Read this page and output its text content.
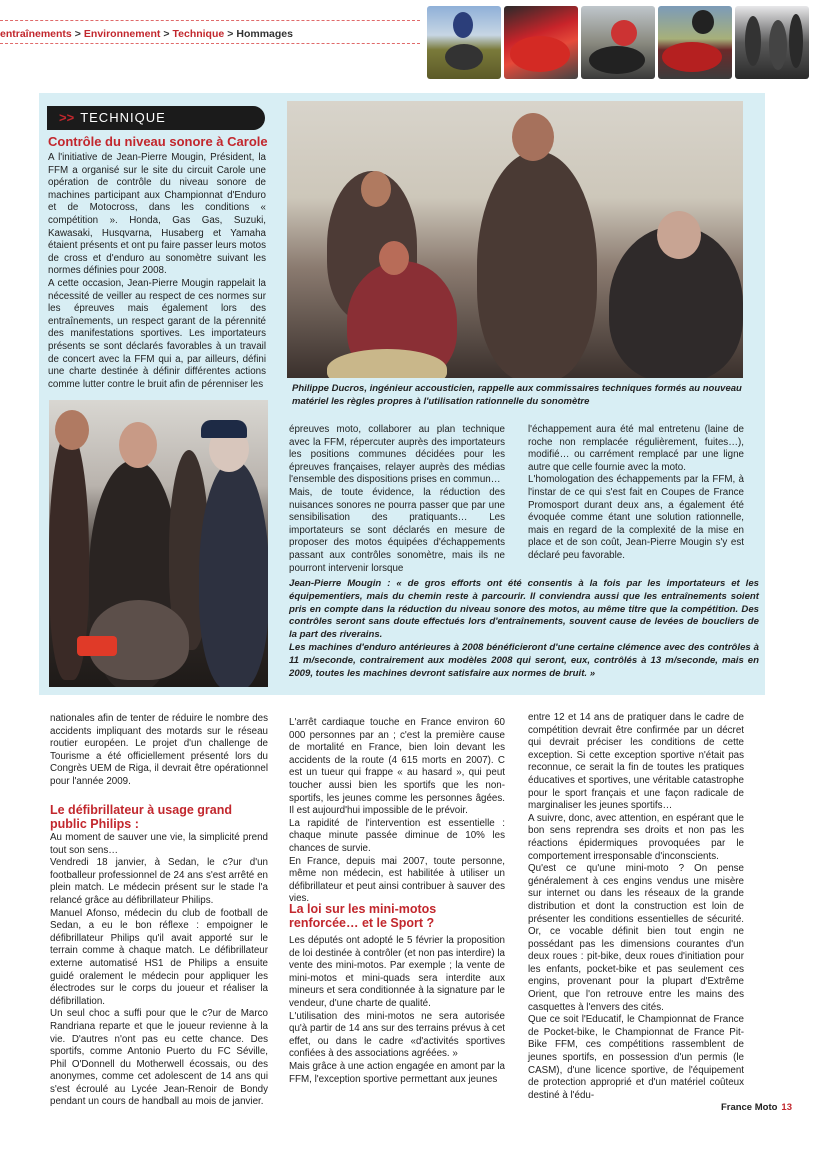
entraînements > Environnement > Technique > Hommages
>> TECHNIQUE
Contrôle du niveau sonore à Carole

A l'initiative de Jean-Pierre Mougin, Président, la FFM a organisé sur le site du circuit Carole une opération de contrôle du niveau sonore de machines participant aux Championnat d'Enduro et de Motocross, dans les conditions « compétition ». Honda, Gas Gas, Suzuki, Kawasaki, Husqvarna, Husaberg et Yamaha étaient présents et ont pu faire passer leurs motos de cross et d'enduro au sonomètre suivant les normes définies pour 2008.

A cette occasion, Jean-Pierre Mougin rappelait la nécessité de veiller au respect de ces normes sur les épreuves mais également lors des entraînements, un respect garant de la pérennité des manifestations sportives. Les importateurs présents se sont déclarés favorables à un travail de concert avec la FFM qui a, par ailleurs, défini une charte destinée à définir différentes actions comme lutter contre le bruit afin de pérenniser les	Philippe Ducros, ingénieur accousticien, rappelle aux commissaires techniques formés au nouveau matériel les règles propres à l'utilisation rationnelle du sonomètre

épreuves moto, collaborer au plan technique avec la FFM, répercuter auprès des importateurs les positions communes décidées pour les épreuves françaises, relayer auprès des médias l'ensemble des dispositions prises en commun…

Mais, de toute évidence, la réduction des nuisances sonores ne pourra passer que par une sensibilisation des pratiquants… Les importateurs se sont déclarés en mesure de proposer des motos équipées d'échappements passant aux contrôles sonomètre, mais ils ne pourront intervenir lorsque

l'échappement aura été mal entretenu (laine de roche non remplacée régulièrement, fuites…), modifié… ou carrément remplacé par une ligne autre que celle fournie avec la moto.

L'homologation des échappements par la FFM, à l'instar de ce qui s'est fait en Coupes de France Promosport durant deux ans, a également été évoquée comme étant une solution rationnelle, mais en regard de la complexité de la mise en place et de son coût, Jean-Pierre Mougin s'y est déclaré peu favorable.

Jean-Pierre Mougin : « de gros efforts ont été consentis à la fois par les importateurs et les équipementiers, mais du chemin reste à parcourir. Il conviendra aussi que les entraînements soient pris en compte dans la réduction du niveau sonore des motos, au même titre que la compétition. Des contrôles seront sans doute effectués lors d'entraînements, souvent cause de levées de boucliers de la part des riverains.

Les machines d'enduro antérieures à 2008 bénéficieront d'une certaine clémence avec des contrôles à 11 m/seconde, contrairement aux modèles 2008 qui seront, eux, contrôlés à 13 m/seconde, mais en 2009, toutes les machines devront satisfaire aux normes de bruit. »

nationales afin de tenter de réduire le nombre des accidents impliquant des motards sur le réseau routier européen. Le projet d'un challenge de Tourisme a été officiellement présenté lors du Congrès UEM de Riga, il devrait être opérationnel pour l'année 2009.

Le défibrillateur à usage grand public Philips :

Au moment de sauver une vie, la simplicité prend tout son sens…

Vendredi 18 janvier, à Sedan, le c?ur d'un footballeur professionnel de 24 ans s'est arrêté en plein match. Le médecin présent sur le stade l'a relancé grâce au défibrillateur Philips.

Manuel Afonso, médecin du club de football de Sedan, a eu le bon réflexe : empoigner le défibrillateur Philips qu'il avait apporté sur le terrain comme à chaque match. Le défibrillateur externe automatisé HS1 de Philips a ensuite guidé oralement le médecin pour appliquer les électrodes sur le corps du joueur et réaliser la défibrillation.

Un seul choc a suffi pour que le c?ur de Marco Randriana reparte et que le joueur revienne à la vie. D'autres n'ont pas eu cette chance. Des sportifs, comme Antonio Puerto du FC Séville, Phil O'Donnell du Motherwell écossais, ou des anonymes, comme cet adolescent de 14 ans qui s'est écroulé au Lycée Jean-Renoir de Bondy pendant un cours de handball au mois de janvier.

L'arrêt cardiaque touche en France environ 60 000 personnes par an ; c'est la première cause de mortalité en France, bien loin devant les accidents de la route (4 615 morts en 2007). C est un tueur qui frappe « au hasard », qui peut toucher aussi bien les sportifs que les non-sportifs, les jeunes comme les personnes âgées. Il est aujourd'hui impossible de le prévoir.

La rapidité de l'intervention est essentielle : chaque minute passée diminue de 10% les chances de survie.

En France, depuis mai 2007, toute personne, même non médecin, est habilitée à utiliser un défibrillateur et peut ainsi contribuer à sauver des vies.

La loi sur les mini-motos renforcée… et le Sport ?

Les députés ont adopté le 5 février la proposition de loi destinée à contrôler (et non pas interdire) la vente des mini-motos. Par exemple ; la vente de mini-motos et mini-quads sera interdite aux mineurs et sera conditionnée à la signature par le vendeur, d'une charte de qualité.

L'utilisation des mini-motos ne sera autorisée qu'à partir de 14 ans sur des terrains prévus à cet effet, ou dans le cadre «d'activités sportives confiées à des associations agréées. »

Mais grâce à une action engagée en amont par la FFM, l'exception sportive permettant aux jeunes

entre 12 et 14 ans de pratiquer dans le cadre de compétition devrait être confirmée par un décret qui devrait préciser les conditions de cette exception. Si cette exception sportive n'était pas reconnue, ce serait la fin de toutes les pratiques éducatives et sportives, une véritable catastrophe pour le sport français et une façon radicale de marginaliser les jeunes sportifs…

A suivre, donc, avec attention, en espérant que le bon sens reprendra ses droits et non pas les réactions épidermiques provoquées par le comportement irresponsable d'inconscients.

Qu'est ce qu'une mini-moto ? On pense généralement à ces engins vendus une misère sur internet ou dans les réseaux de la grande distribution et dont la construction est loin de présenter les conditions essentielles de sécurité. Or, ce vocable définit bien tout engin ne possédant pas les dimensions courantes d'un deux roues : pit-bike, deux roues d'initiation pour les enfants, pocket-bike et pas seulement ces engins, provenant pour la plupart d'Extrême Orient, que l'on retrouve entre les mains des casquettes à l'envers des cités.

Que ce soit l'Educatif, le Championnat de France de Pocket-bike, le Championnat de France Pit-Bike FFM, ces compétitions rassemblent de jeunes sportifs, en possession d'un permis (le CASM), d'une licence sportive, de l'équipement de protection approprié et d'un matériel coûteux destiné à l'édu-

France Moto 13
